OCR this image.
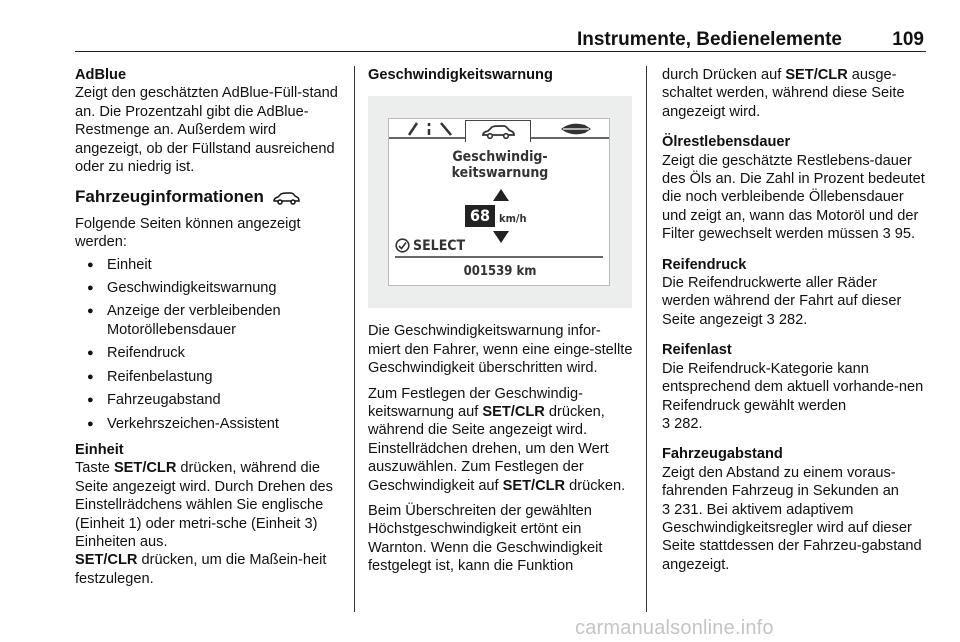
Instrumente, Bedienelemente	109
AdBlue

Zeigt den geschätzten AdBlue-Füll-stand an. Die Prozentzahl gibt die AdBlue-Restmenge an. Außerdem wird angezeigt, ob der Füllstand ausreichend oder zu niedrig ist.

Fahrzeuginformationen

Folgende Seiten können angezeigt werden:

● Einheit
● Geschwindigkeitswarnung
● Anzeige der verbleibenden Motoröllebensdauer
● Reifendruck
● Reifenbelastung
● Fahrzeugabstand
● Verkehrszeichen-Assistent
Einheit

Taste SET/CLR drücken, während die Seite angezeigt wird. Durch Drehen des Einstellrädchens wählen Sie englische (Einheit 1) oder metri-sche (Einheit 3) Einheiten aus.
SET/CLR drücken, um die Maßein-heit festzulegen.

Geschwindigkeitswarnung
Geschwindig-
keitswarnung
68 km/h
SELECT
001539 km

Die Geschwindigkeitswarnung infor-miert den Fahrer, wenn eine einge-stellte Geschwindigkeit überschritten wird.

Zum Festlegen der Geschwindig-keitswarnung auf SET/CLR drücken, während die Seite angezeigt wird. Einstellrädchen drehen, um den Wert auszuwählen. Zum Festlegen der Geschwindigkeit auf SET/CLR drücken.

Beim Überschreiten der gewählten Höchstgeschwindigkeit ertönt ein Warnton. Wenn die Geschwindigkeit festgelegt ist, kann die Funktion

durch Drücken auf SET/CLR ausge-schaltet werden, während diese Seite angezeigt wird.

Ölrestlebensdauer

Zeigt die geschätzte Restlebens-dauer des Öls an. Die Zahl in Prozent bedeutet die noch verbleibende Öllebensdauer und zeigt an, wann das Motoröl und der Filter gewechselt werden müssen 3 95.

Reifendruck

Die Reifendruckwerte aller Räder werden während der Fahrt auf dieser Seite angezeigt 3 282.

Reifenlast

Die Reifendruck-Kategorie kann entsprechend dem aktuell vorhande-nen Reifendruck gewählt werden
3 282.

Fahrzeugabstand

Zeigt den Abstand zu einem voraus-fahrenden Fahrzeug in Sekunden an
3 231. Bei aktivem adaptivem Geschwindigkeitsregler wird auf dieser Seite stattdessen der Fahrzeu-gabstand angezeigt.

carmanualsonline.info
